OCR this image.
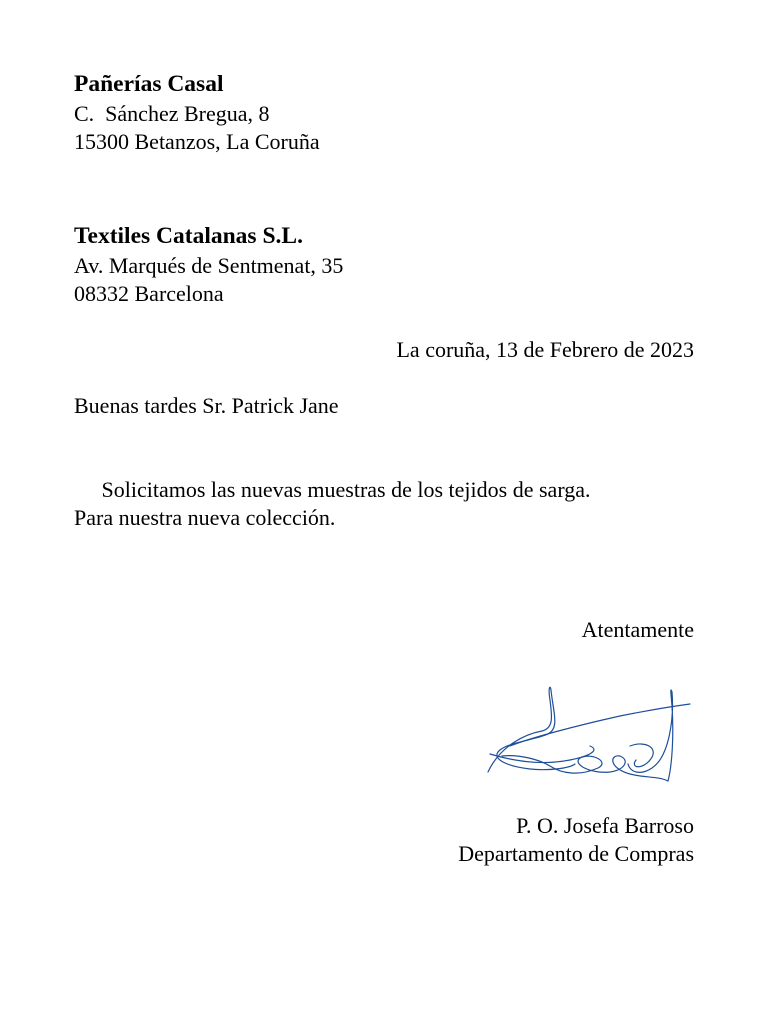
Pañerías Casal

C.  Sánchez Bregua, 8

15300 Betanzos, La Coruña

Textiles Catalanas S.L.

Av. Marqués de Sentmenat, 35

08332 Barcelona

La coruña, 13 de Febrero de 2023

Buenas tardes Sr. Patrick Jane

Solicitamos las nuevas muestras de los tejidos de sarga.

Para nuestra nueva colección.

Atentamente

P. O. Josefa Barroso

Departamento de Compras
